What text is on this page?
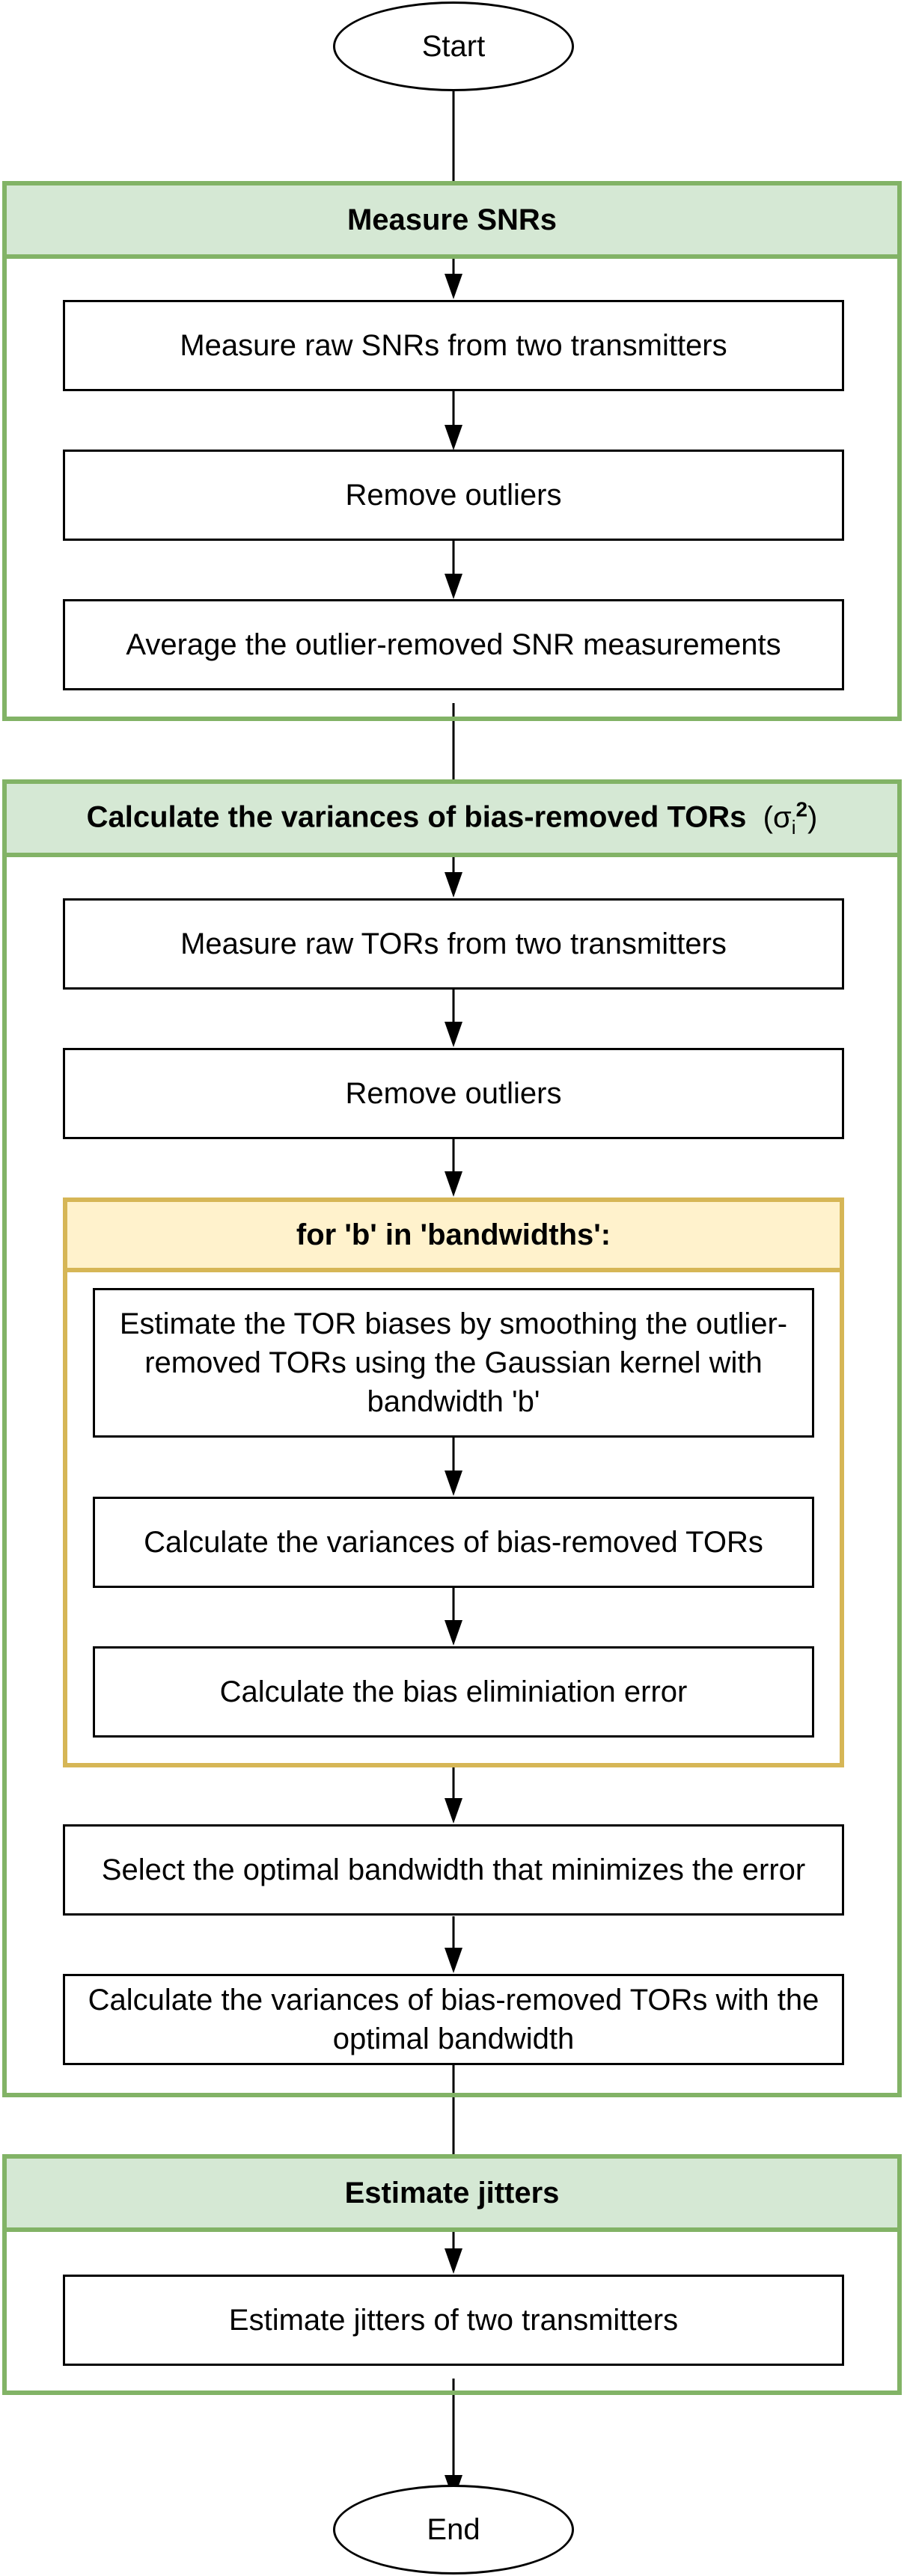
Start
Measure SNRs
Measure raw SNRs from two transmitters
Remove outliers
Average the outlier-removed SNR measurements
Calculate the variances of bias-removed TORs  $(\sigma_i^2)$
Measure raw TORs from two transmitters
Remove outliers
for 'b' in 'bandwidths':
Estimate the TOR biases by smoothing the outlier-removed TORs using the Gaussian kernel with bandwidth 'b'
Calculate the variances of bias-removed TORs
Calculate the bias eliminiation error
Select the optimal bandwidth that minimizes the error
Calculate the variances of bias-removed TORs with the optimal bandwidth
Estimate jitters
Estimate jitters of two transmitters
End
